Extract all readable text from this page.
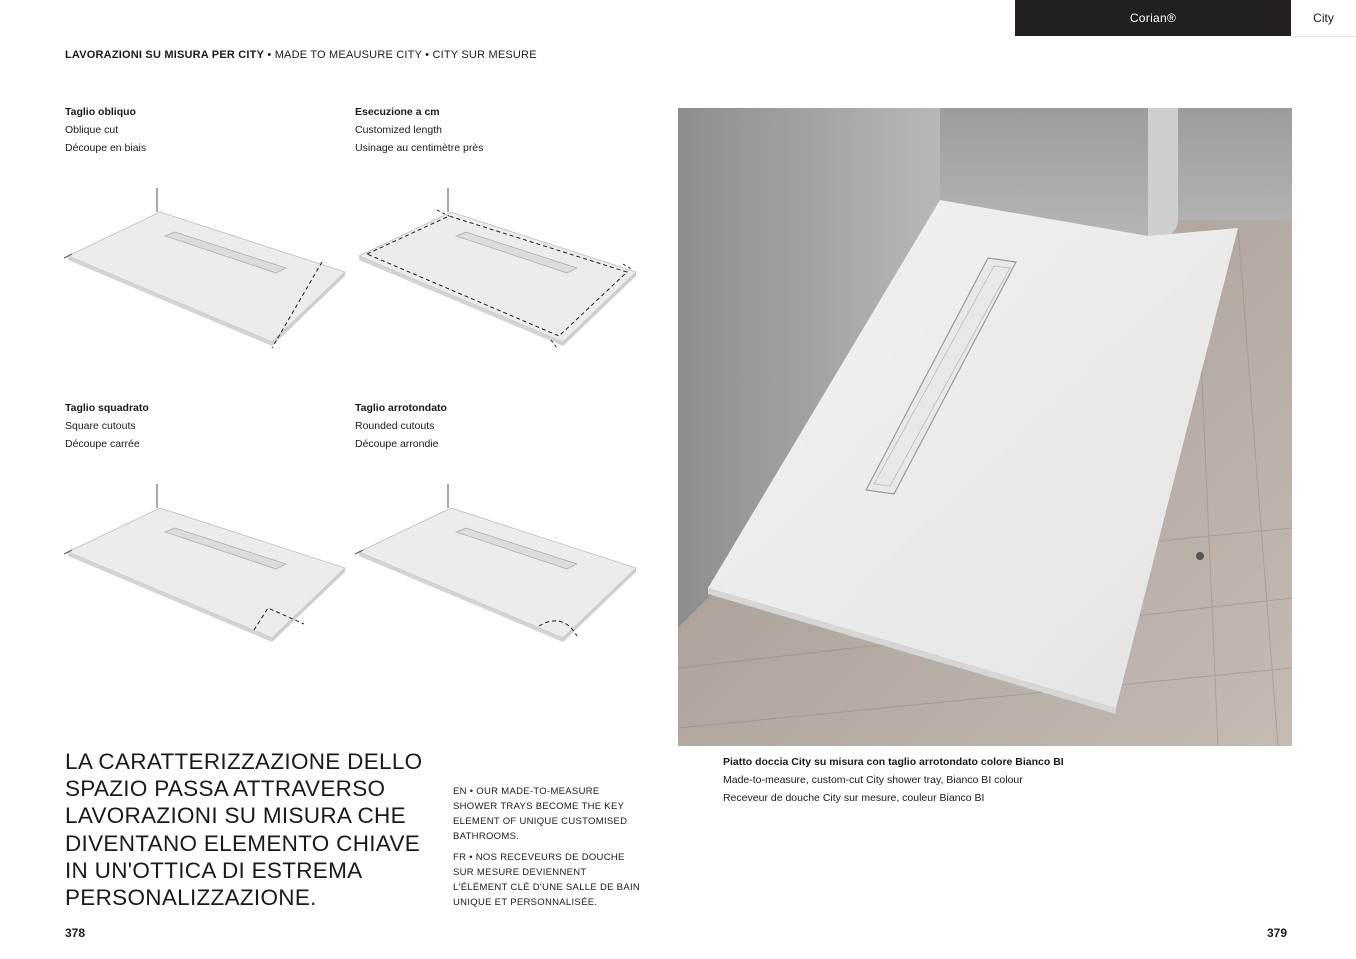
Corian®	City
LAVORAZIONI SU MISURA PER CITY • MADE TO MEAUSURE CITY • CITY SUR MESURE
Taglio obliquo
Oblique cut
Découpe en biais
Esecuzione a cm
Customized length
Usinage au centimètre près
Taglio squadrato
Square cutouts
Découpe carrée
Taglio arrotondato
Rounded cutouts
Découpe arrondie
LA CARATTERIZZAZIONE DELLO SPAZIO PASSA ATTRAVERSO LAVORAZIONI SU MISURA CHE DIVENTANO ELEMENTO CHIAVE IN UN'OTTICA DI ESTREMA PERSONALIZZAZIONE.
EN • OUR MADE-TO-MEASURE SHOWER TRAYS BECOME THE KEY ELEMENT OF UNIQUE CUSTOMISED BATHROOMS.
FR • NOS RECEVEURS DE DOUCHE SUR MESURE DEVIENNENT L'ÉLÉMENT CLÉ D'UNE SALLE DE BAIN UNIQUE ET PERSONNALISÉE.
378	379
Piatto doccia City su misura con taglio arrotondato colore Bianco BI
Made-to-measure, custom-cut City shower tray, Bianco BI colour
Receveur de douche City sur mesure, couleur Bianco BI
